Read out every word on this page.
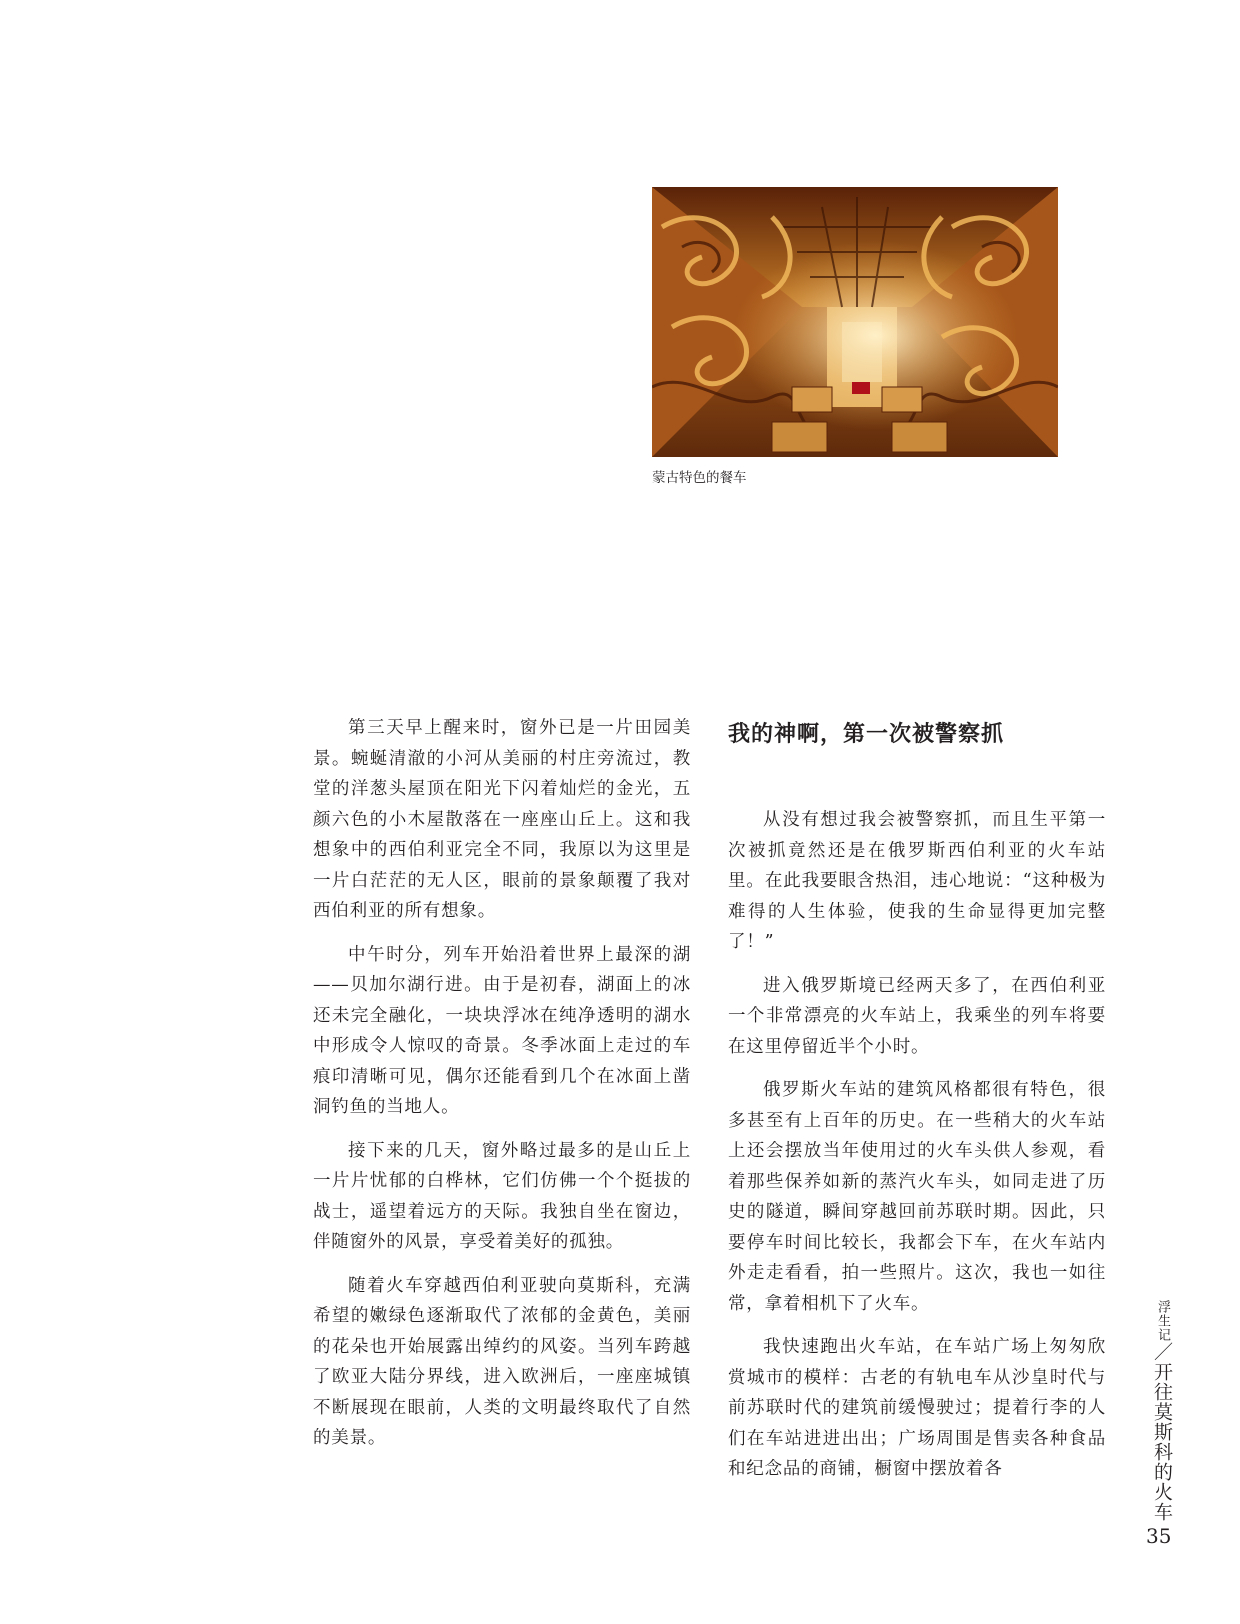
蒙古特色的餐车

第三天早上醒来时，窗外已是一片田园美景。蜿蜒清澈的小河从美丽的村庄旁流过，教堂的洋葱头屋顶在阳光下闪着灿烂的金光，五颜六色的小木屋散落在一座座山丘上。这和我想象中的西伯利亚完全不同，我原以为这里是一片白茫茫的无人区，眼前的景象颠覆了我对西伯利亚的所有想象。

中午时分，列车开始沿着世界上最深的湖——贝加尔湖行进。由于是初春，湖面上的冰还未完全融化，一块块浮冰在纯净透明的湖水中形成令人惊叹的奇景。冬季冰面上走过的车痕印清晰可见，偶尔还能看到几个在冰面上凿洞钓鱼的当地人。

接下来的几天，窗外略过最多的是山丘上一片片忧郁的白桦林，它们仿佛一个个挺拔的战士，遥望着远方的天际。我独自坐在窗边，伴随窗外的风景，享受着美好的孤独。

随着火车穿越西伯利亚驶向莫斯科，充满希望的嫩绿色逐渐取代了浓郁的金黄色，美丽的花朵也开始展露出绰约的风姿。当列车跨越了欧亚大陆分界线，进入欧洲后，一座座城镇不断展现在眼前，人类的文明最终取代了自然的美景。

我的神啊，第一次被警察抓

从没有想过我会被警察抓，而且生平第一次被抓竟然还是在俄罗斯西伯利亚的火车站里。在此我要眼含热泪，违心地说：“这种极为难得的人生体验，使我的生命显得更加完整了！”

进入俄罗斯境已经两天多了，在西伯利亚一个非常漂亮的火车站上，我乘坐的列车将要在这里停留近半个小时。

俄罗斯火车站的建筑风格都很有特色，很多甚至有上百年的历史。在一些稍大的火车站上还会摆放当年使用过的火车头供人参观，看着那些保养如新的蒸汽火车头，如同走进了历史的隧道，瞬间穿越回前苏联时期。因此，只要停车时间比较长，我都会下车，在火车站内外走走看看，拍一些照片。这次，我也一如往常，拿着相机下了火车。

我快速跑出火车站，在车站广场上匆匆欣赏城市的模样：古老的有轨电车从沙皇时代与前苏联时代的建筑前缓慢驶过；提着行李的人们在车站进进出出；广场周围是售卖各种食品和纪念品的商铺，橱窗中摆放着各

浮生记／开往莫斯科的火车
35
